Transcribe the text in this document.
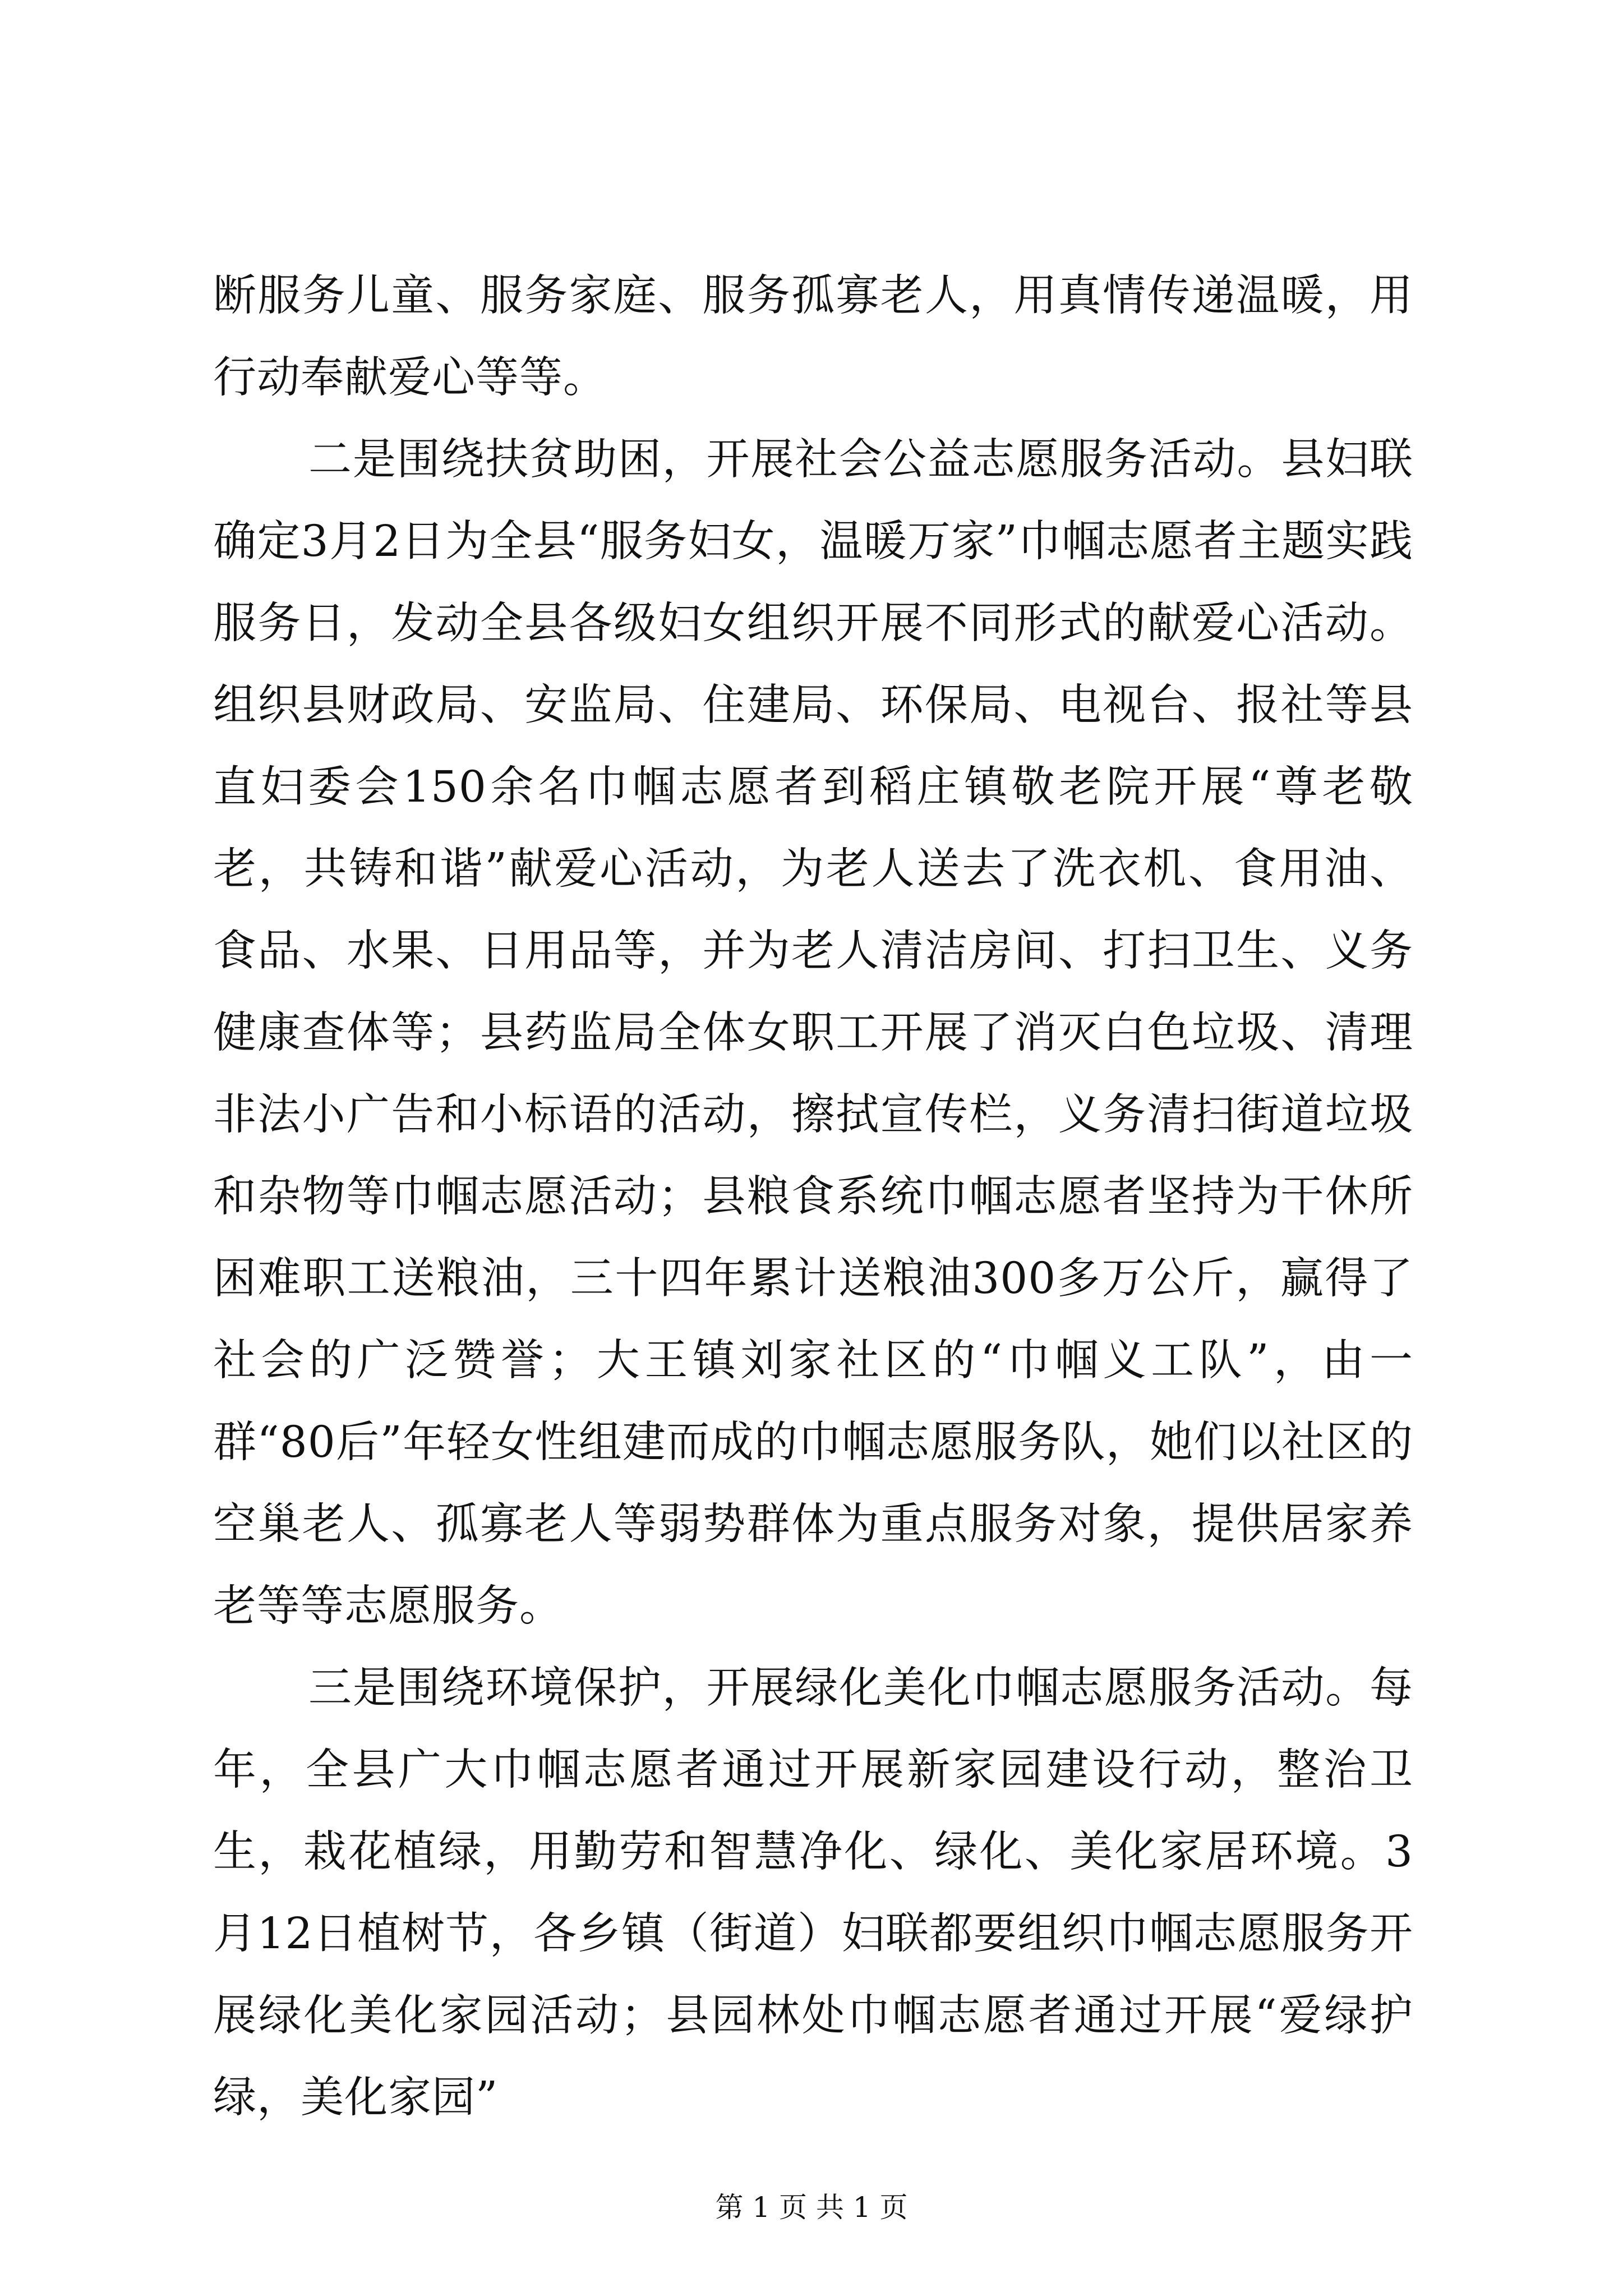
断服务儿童、服务家庭、服务孤寡老人，用真情传递温暖，用行动奉献爱心等等。

二是围绕扶贫助困，开展社会公益志愿服务活动。县妇联确定3月2日为全县“服务妇女，温暖万家”巾帼志愿者主题实践服务日，发动全县各级妇女组织开展不同形式的献爱心活动。组织县财政局、安监局、住建局、环保局、电视台、报社等县直妇委会150余名巾帼志愿者到稻庄镇敬老院开展“尊老敬老，共铸和谐”献爱心活动，为老人送去了洗衣机、食用油、食品、水果、日用品等，并为老人清洁房间、打扫卫生、义务健康查体等；县药监局全体女职工开展了消灭白色垃圾、清理非法小广告和小标语的活动，擦拭宣传栏，义务清扫街道垃圾和杂物等巾帼志愿活动；县粮食系统巾帼志愿者坚持为干休所困难职工送粮油，三十四年累计送粮油300多万公斤，赢得了社会的广泛赞誉；大王镇刘家社区的“巾帼义工队”，由一群“80后”年轻女性组建而成的巾帼志愿服务队，她们以社区的空巢老人、孤寡老人等弱势群体为重点服务对象，提供居家养老等等志愿服务。

三是围绕环境保护，开展绿化美化巾帼志愿服务活动。每年，全县广大巾帼志愿者通过开展新家园建设行动，整治卫生，栽花植绿，用勤劳和智慧净化、绿化、美化家居环境。3月12日植树节，各乡镇（街道）妇联都要组织巾帼志愿服务开展绿化美化家园活动；县园林处巾帼志愿者通过开展“爱绿护绿，美化家园”

第 1 页 共 1 页
